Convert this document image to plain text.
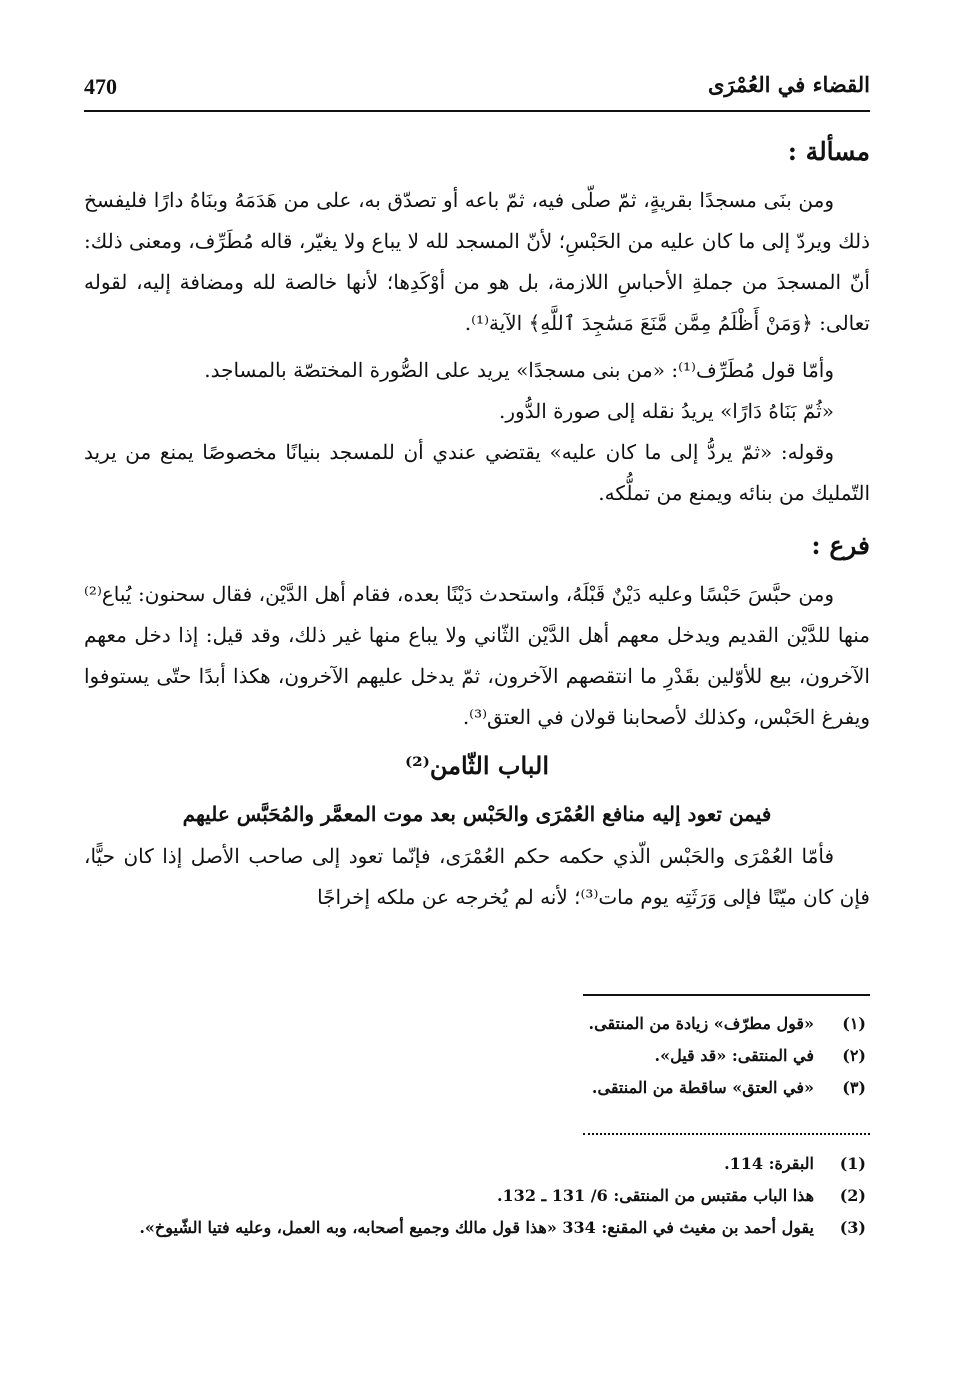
470	القضاء في العُمْرَى
مسألة :

ومن بنَى مسجدًا بقريةٍ، ثمّ صلّى فيه، ثمّ باعه أو تصدّق به، على من هَدَمَهُ وبنَاهُ دارًا فليفسخ ذلك ويردّ إلى ما كان عليه من الحَبْسِ؛ لأنّ المسجد لله لا يباع ولا يغيّر، قاله مُطَرِّف، ومعنى ذلك: أنّ المسجدَ من جملةِ الأحباسِ اللازمة، بل هو من أوْكَدِها؛ لأنها خالصة لله ومضافة إليه، لقوله تعالى: ﴿وَمَنْ أَظْلَمُ مِمَّن مَّنَعَ مَسَٰجِدَ ٱللَّهِ﴾ الآية⁽¹⁾.

وأمّا قول مُطَرِّف⁽¹⁾: «من بنى مسجدًا» يريد على الصُّورة المختصّة بالمساجد.

«ثُمّ بَنَاهُ دَارًا» يريدُ نقله إلى صورة الدُّور.

وقوله: «ثمّ يردُّ إلى ما كان عليه» يقتضي عندي أن للمسجد بنيانًا مخصوصًا يمنع من يريد التّمليك من بنائه ويمنع من تملُّكه.

فرع :

ومن حبَّسَ حَبْسًا وعليه دَيْنٌ قَبْلَهُ، واستحدث دَيْنًا بعده، فقام أهل الدَّيْن، فقال سحنون: يُباع⁽²⁾ منها للدَّيْن القديم ويدخل معهم أهل الدَّيْن الثّاني ولا يباع منها غير ذلك، وقد قيل: إذا دخل معهم الآخرون، بيع للأوّلين بقَدْرِ ما انتقصهم الآخرون، ثمّ يدخل عليهم الآخرون، هكذا أبدًا حتّى يستوفوا ويفرغ الحَبْس، وكذلك لأصحابنا قولان في العتق⁽³⁾.

الباب الثّامن⁽²⁾
فيمن تعود إليه منافع العُمْرَى والحَبْس بعد موت المعمَّر والمُحَبَّس عليهم

فأمّا العُمْرَى والحَبْس الّذي حكمه حكم العُمْرَى، فإنّما تعود إلى صاحب الأصل إذا كان حيًّا، فإن كان ميّتًا فإلى وَرَثَتِه يوم مات⁽³⁾؛ لأنه لم يُخرجه عن ملكه إخراجًا

(١)
«قول مطرّف» زيادة من المنتقى.
(٢)
في المنتقى: «قد قيل».
(٣)
«في العتق» ساقطة من المنتقى.
(1)
البقرة: 114.
(2)
هذا الباب مقتبس من المنتقى: 6/ 131 ـ 132.
(3)
يقول أحمد بن مغيث في المقنع: 334 «هذا قول مالك وجميع أصحابه، وبه العمل، وعليه فتيا الشّيوخ».
